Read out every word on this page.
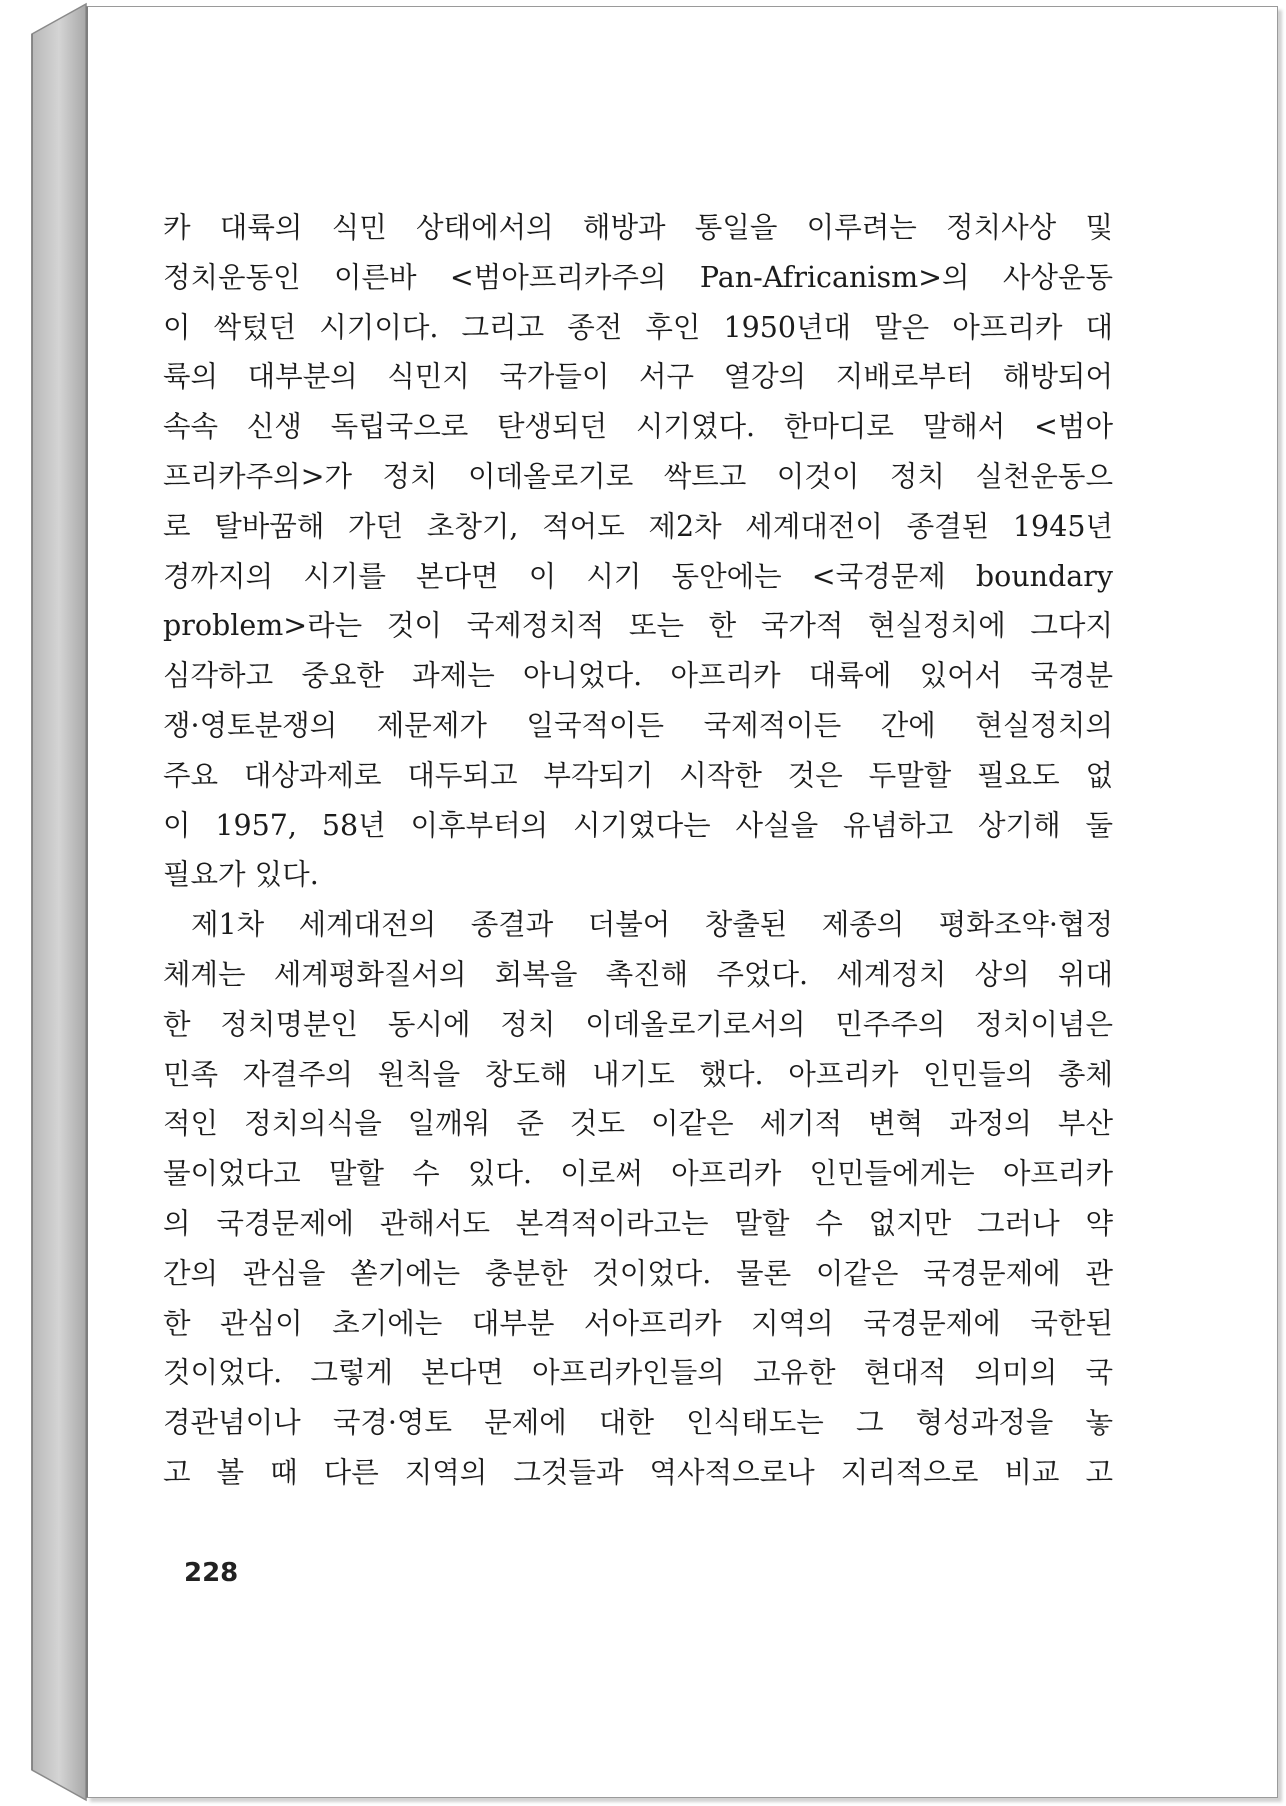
카 대륙의 식민 상태에서의 해방과 통일을 이루려는 정치사상 및
정치운동인 이른바 <범아프리카주의 Pan-Africanism>의 사상운동
이 싹텄던 시기이다. 그리고 종전 후인 1950년대 말은 아프리카 대
륙의 대부분의 식민지 국가들이 서구 열강의 지배로부터 해방되어
속속 신생 독립국으로 탄생되던 시기였다. 한마디로 말해서 <범아
프리카주의>가 정치 이데올로기로 싹트고 이것이 정치 실천운동으
로 탈바꿈해 가던 초창기, 적어도 제2차 세계대전이 종결된 1945년
경까지의 시기를 본다면 이 시기 동안에는 <국경문제 boundary
problem>라는 것이 국제정치적 또는 한 국가적 현실정치에 그다지
심각하고 중요한 과제는 아니었다. 아프리카 대륙에 있어서 국경분
쟁·영토분쟁의 제문제가 일국적이든 국제적이든 간에 현실정치의
주요 대상과제로 대두되고 부각되기 시작한 것은 두말할 필요도 없
이 1957, 58년 이후부터의 시기였다는 사실을 유념하고 상기해 둘
필요가 있다.
제1차 세계대전의 종결과 더불어 창출된 제종의 평화조약·협정
체계는 세계평화질서의 회복을 촉진해 주었다. 세계정치 상의 위대
한 정치명분인 동시에 정치 이데올로기로서의 민주주의 정치이념은
민족 자결주의 원칙을 창도해 내기도 했다. 아프리카 인민들의 총체
적인 정치의식을 일깨워 준 것도 이같은 세기적 변혁 과정의 부산
물이었다고 말할 수 있다. 이로써 아프리카 인민들에게는 아프리카
의 국경문제에 관해서도 본격적이라고는 말할 수 없지만 그러나 약
간의 관심을 쏟기에는 충분한 것이었다. 물론 이같은 국경문제에 관
한 관심이 초기에는 대부분 서아프리카 지역의 국경문제에 국한된
것이었다. 그렇게 본다면 아프리카인들의 고유한 현대적 의미의 국
경관념이나 국경·영토 문제에 대한 인식태도는 그 형성과정을 놓
고 볼 때 다른 지역의 그것들과 역사적으로나 지리적으로 비교 고
228
